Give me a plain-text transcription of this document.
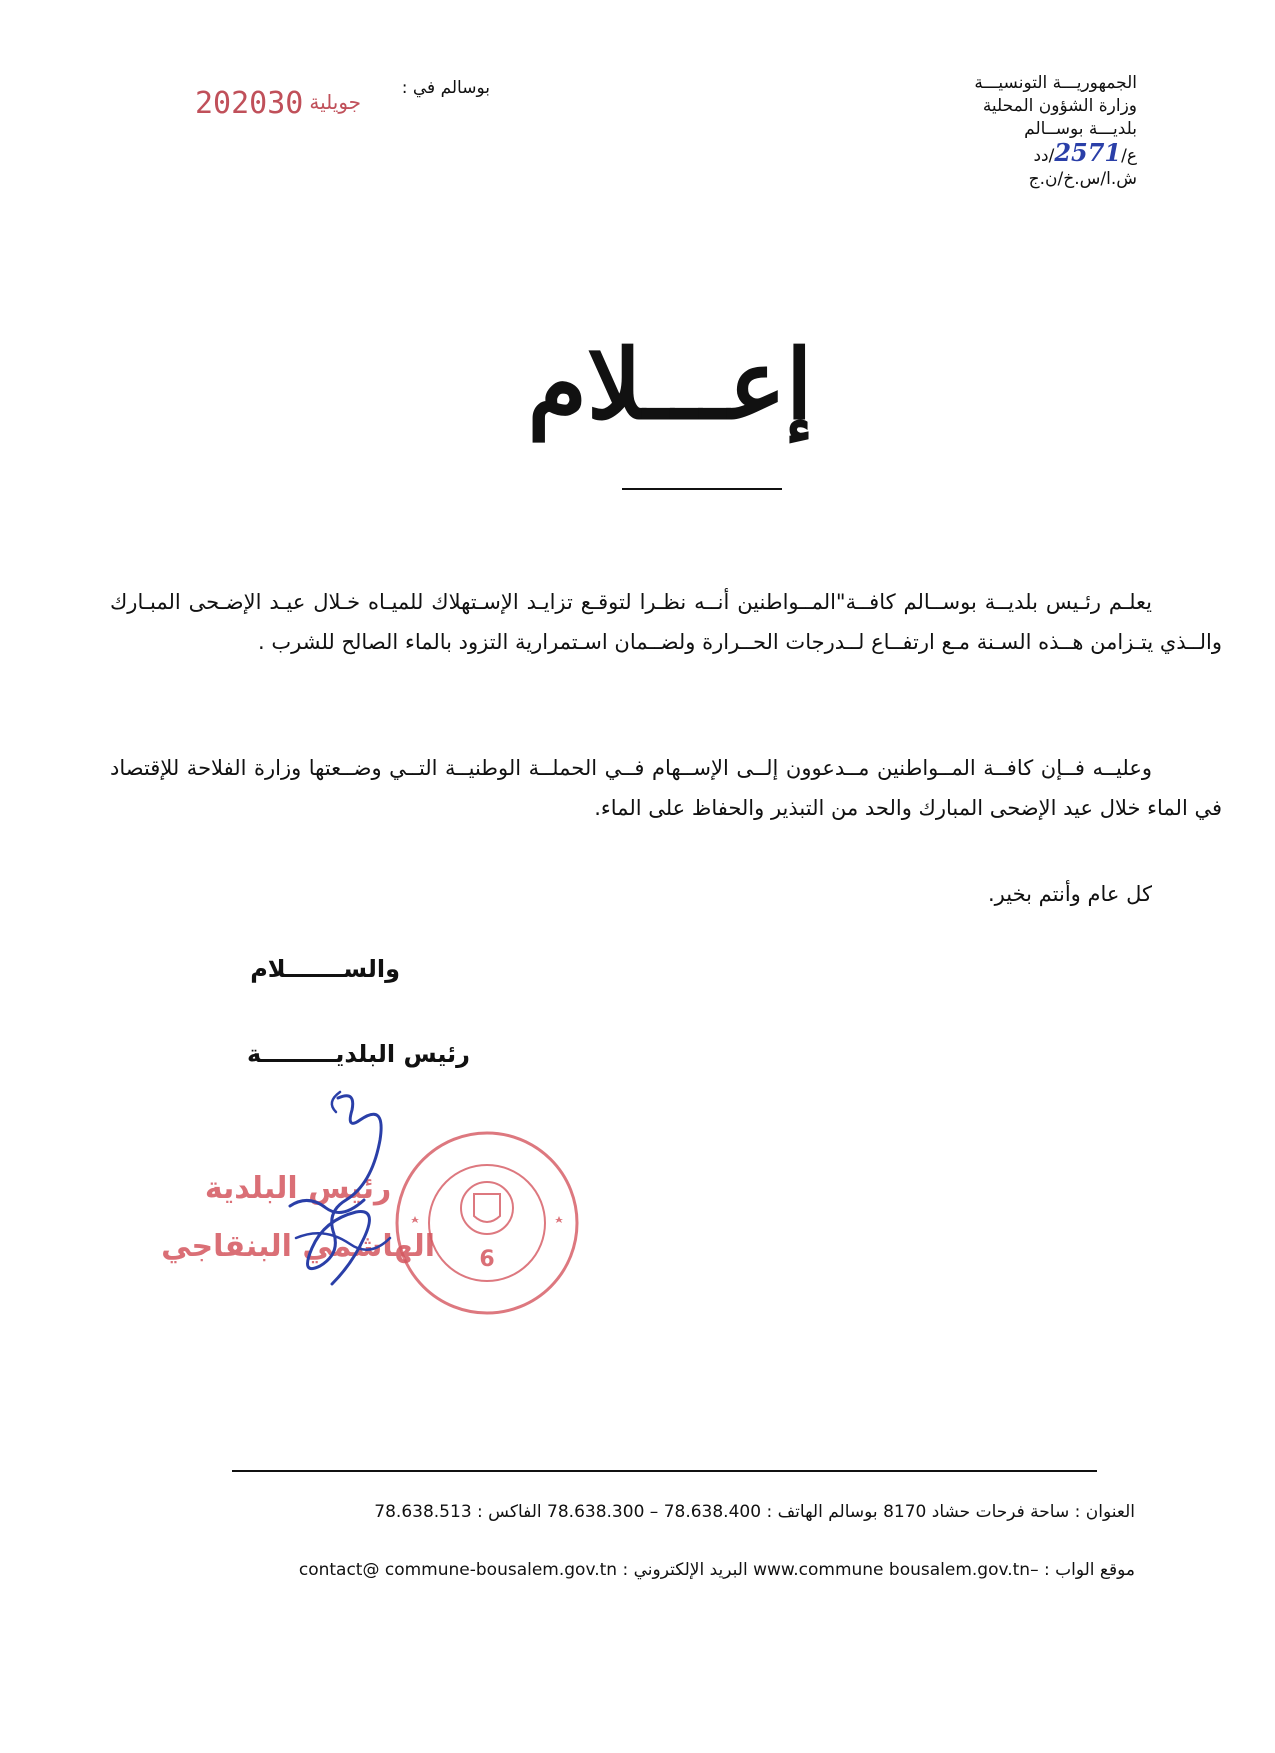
الجمهوريـــة التونسيـــة
وزارة الشؤون المحلية
بلديـــة بوســالم
ع/2571/دد
ش.ا/س.خ/ن.ج
بوسالم في :
2020 جويلية30
إعـــلام
يعلـم رئـيس بلديــة بوســالم كافــة"المــواطنين أنــه نظـرا لتوقـع تزايـد الإسـتهلاك للميـاه خـلال عيـد الإضـحى المبـارك والــذي يتـزامن هــذه السـنة مـع ارتفــاع لــدرجات الحــرارة ولضــمان اسـتمرارية التزود بالماء الصالح للشرب .
وعليــه فــإن كافــة المــواطنين مــدعوون إلــى الإســهام فــي الحملــة الوطنيــة التــي وضــعتها وزارة الفلاحة للإقتصاد في الماء خلال عيد الإضحى المبارك والحد من التبذير والحفاظ على الماء.
كل عام وأنتم بخير.
والســـــــلام
رئيس البلديـــــــــة
رئيس البلدية
الهاشمي البنقاجي 6
العنوان : ساحة فرحات حشاد 8170 بوسالم الهاتف : 78.638.300 – 78.638.400 الفاكس : 78.638.513
موقع الواب : www.commune bousalem.gov.tn– البريد الإلكتروني : contact@ commune-bousalem.gov.tn
